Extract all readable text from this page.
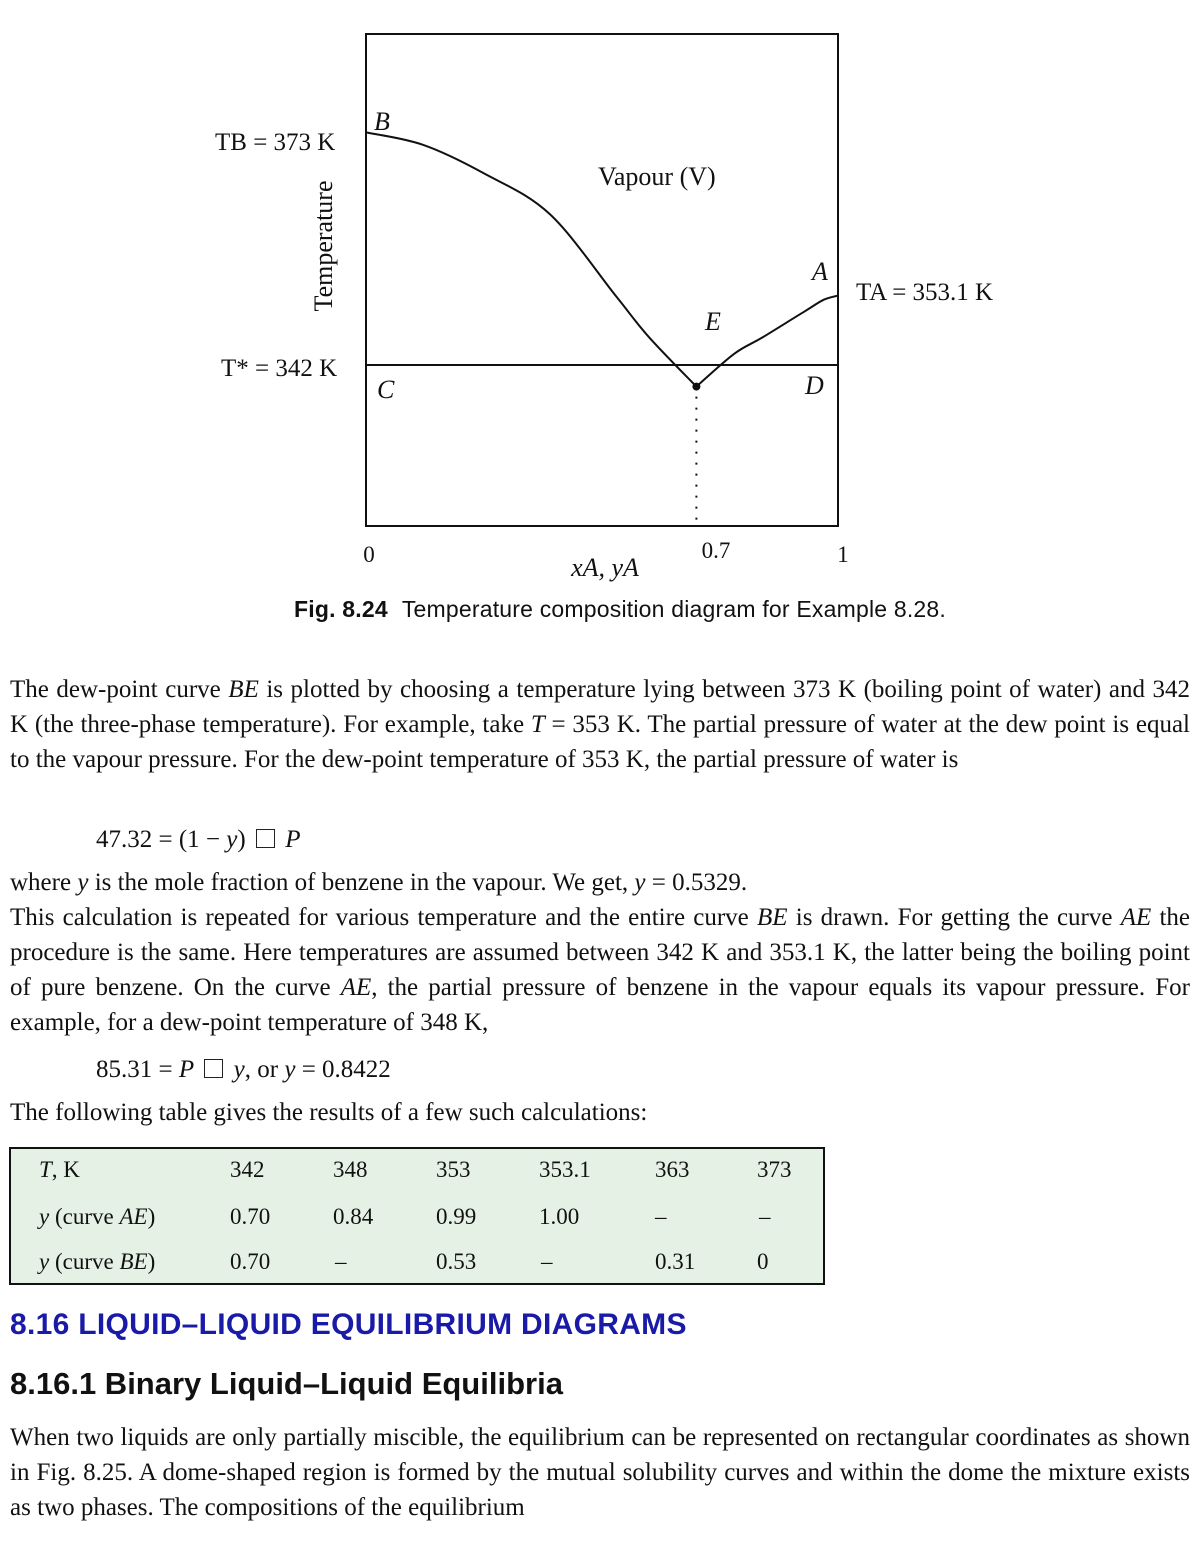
B
A
E
C	D
Vapour (V)
TB = 373 K
TA = 353.1 K
T* = 342 K
Temperature
0	0.7	1
xA, yA
Fig. 8.24 Temperature composition diagram for Example 8.28.

The dew-point curve BE is plotted by choosing a temperature lying between 373 K (boiling point of water) and 342 K (the three-phase temperature). For example, take T = 353 K. The partial pressure of water at the dew point is equal to the vapour pressure. For the dew-point temperature of 353 K, the partial pressure of water is

47.32 = (1 − y)  P

where y is the mole fraction of benzene in the vapour. We get, y = 0.5329.

This calculation is repeated for various temperature and the entire curve BE is drawn. For getting the curve AE the procedure is the same. Here temperatures are assumed between 342 K and 353.1 K, the latter being the boiling point of pure benzene. On the curve AE, the partial pressure of benzene in the vapour equals its vapour pressure. For example, for a dew-point temperature of 348 K,

85.31 = P y, or y = 0.8422

The following table gives the results of a few such calculations:

T, K	342	348	353	353.1	363	373
y (curve AE)	0.70	0.84	0.99	1.00	–	–
y (curve BE)	0.70	–	0.53	–	0.31	0
8.16 LIQUID–LIQUID EQUILIBRIUM DIAGRAMS
8.16.1 Binary Liquid–Liquid Equilibria

When two liquids are only partially miscible, the equilibrium can be represented on rectangular coordinates as shown in Fig. 8.25. A dome-shaped region is formed by the mutual solubility curves and within the dome the mixture exists as two phases. The compositions of the equilibrium
